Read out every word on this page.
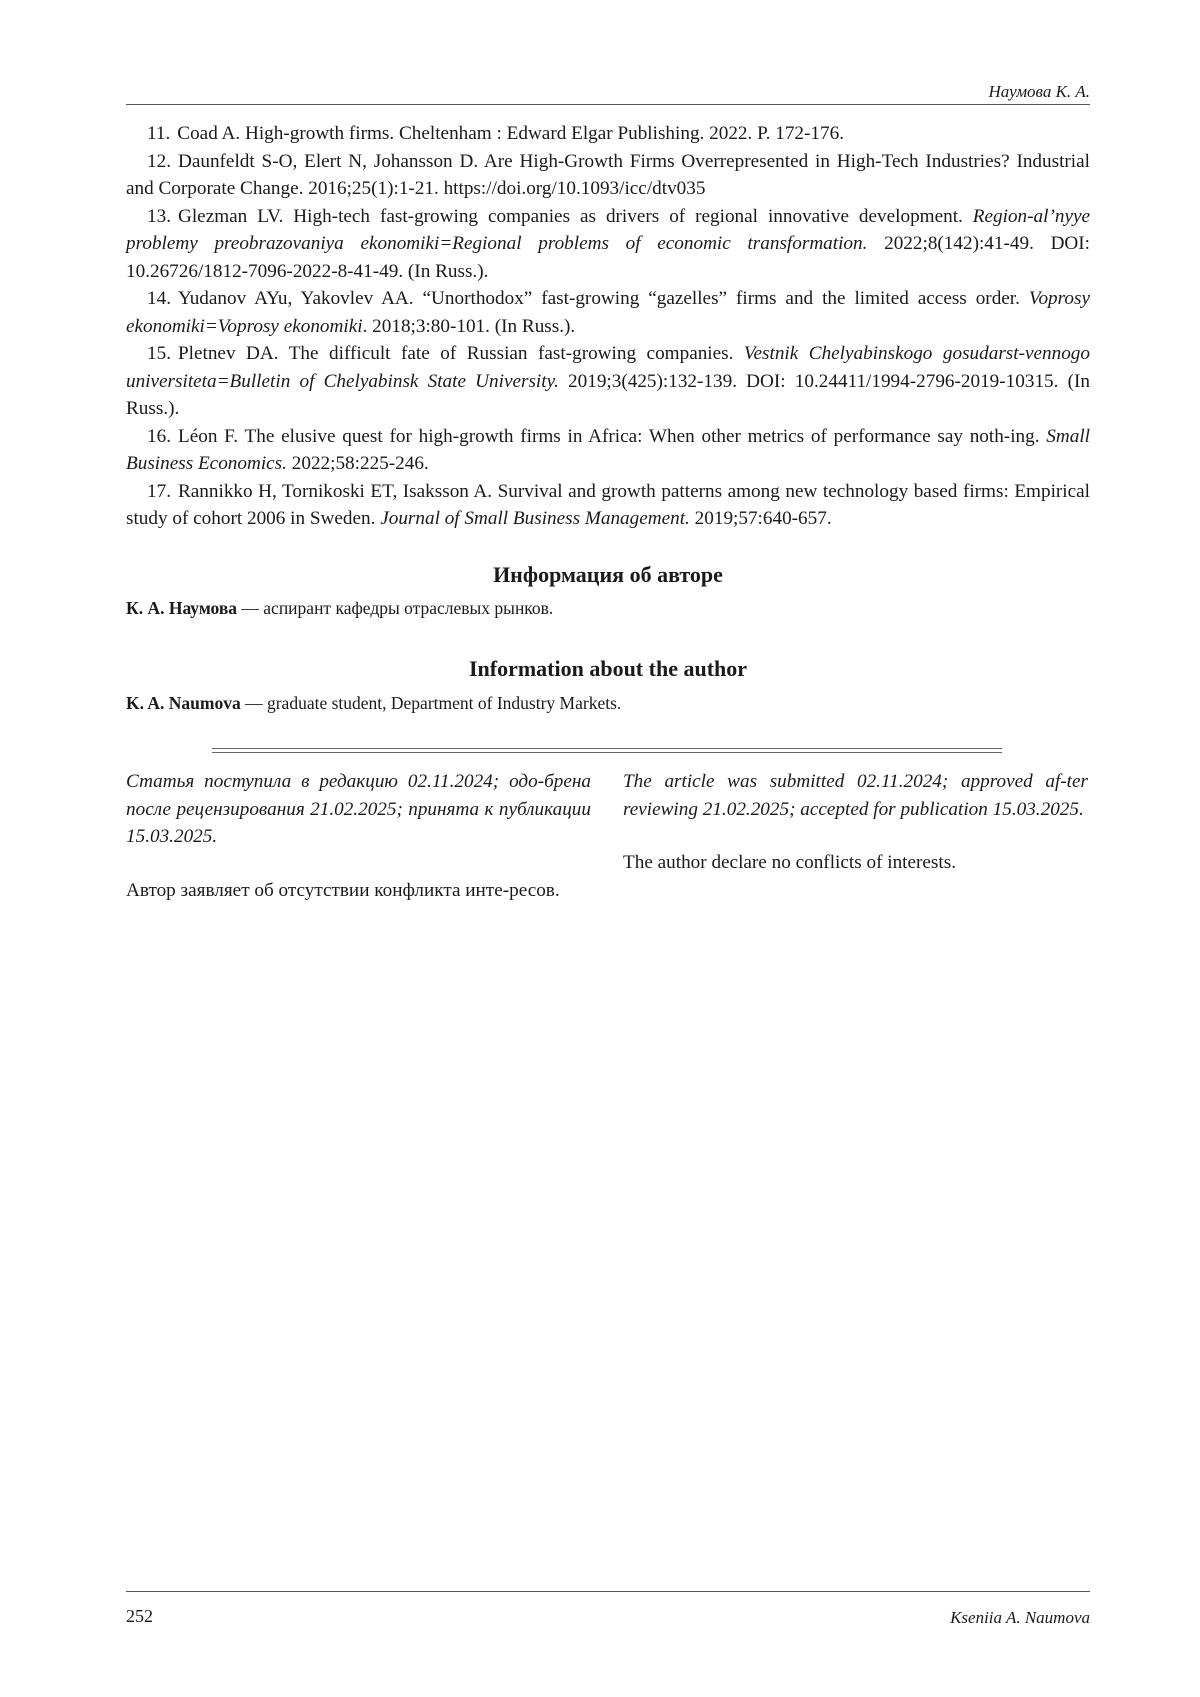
Наумова К. А.

11. Coad A. High-growth firms. Cheltenham : Edward Elgar Publishing. 2022. P. 172-176.

12. Daunfeldt S-O, Elert N, Johansson D. Are High-Growth Firms Overrepresented in High-Tech Industries? Industrial and Corporate Change. 2016;25(1):1-21. https://doi.org/10.1093/icc/dtv035

13. Glezman LV. High-tech fast-growing companies as drivers of regional innovative development. Region-al’nyye problemy preobrazovaniya ekonomiki=Regional problems of economic transformation. 2022;8(142):41-49. DOI: 10.26726/1812-7096-2022-8-41-49. (In Russ.).

14. Yudanov AYu, Yakovlev AA. “Unorthodox” fast-growing “gazelles” firms and the limited access order. Voprosy ekonomiki=Voprosy ekonomiki. 2018;3:80-101. (In Russ.).

15. Pletnev DA. The difficult fate of Russian fast-growing companies. Vestnik Chelyabinskogo gosudarst-vennogo universiteta=Bulletin of Chelyabinsk State University. 2019;3(425):132-139. DOI: 10.24411/1994-2796-2019-10315. (In Russ.).

16. Léon F. The elusive quest for high-growth firms in Africa: When other metrics of performance say noth-ing. Small Business Economics. 2022;58:225-246.

17. Rannikko H, Tornikoski ET, Isaksson A. Survival and growth patterns among new technology based firms: Empirical study of cohort 2006 in Sweden. Journal of Small Business Management. 2019;57:640-657.

Информация об авторе
К. А. Наумова — аспирант кафедры отраслевых рынков.
Information about the author
K. A. Naumova — graduate student, Department of Industry Markets.

Статья поступила в редакцию 02.11.2024; одо-брена после рецензирования 21.02.2025; принята к публикации 15.03.2025.

Автор заявляет об отсутствии конфликта инте-ресов.

The article was submitted 02.11.2024; approved af-ter reviewing 21.02.2025; accepted for publication 15.03.2025.

The author declare no conflicts of interests.

252	Kseniia A. Naumova
